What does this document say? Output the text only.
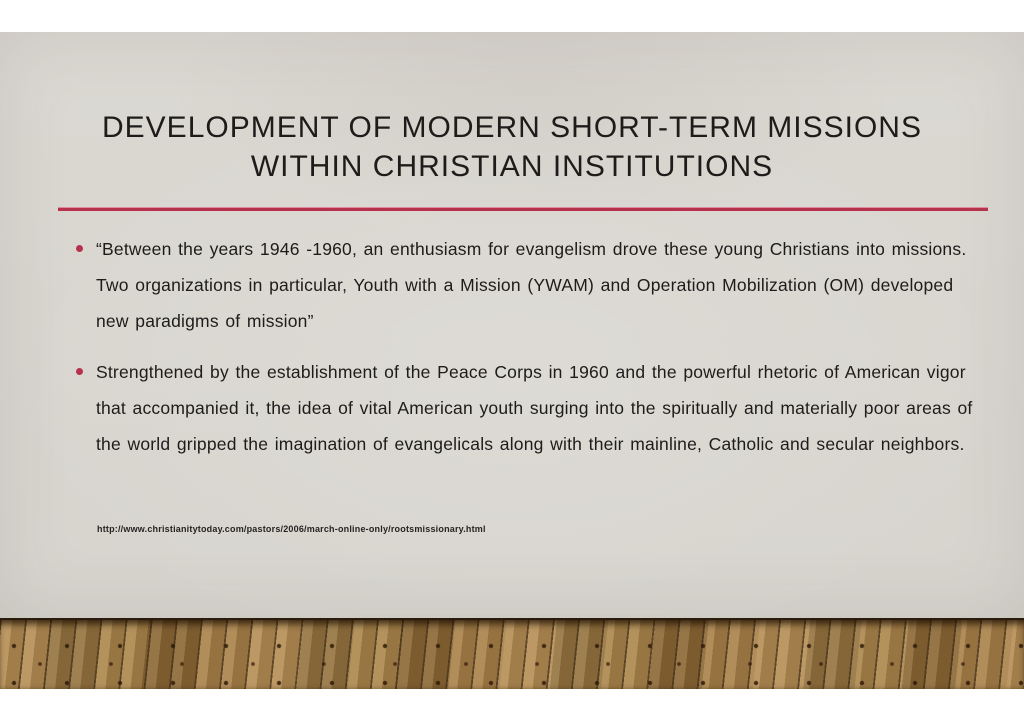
DEVELOPMENT OF MODERN SHORT-TERM MISSIONS
WITHIN CHRISTIAN INSTITUTIONS
“Between the years 1946 -1960, an enthusiasm for evangelism drove these young Christians into missions. Two organizations in particular, Youth with a Mission (YWAM) and Operation Mobilization (OM) developed new paradigms of mission”
Strengthened by the establishment of the Peace Corps in 1960 and the powerful rhetoric of American vigor that accompanied it, the idea of vital American youth surging into the spiritually and materially poor areas of the world gripped the imagination of evangelicals along with their mainline, Catholic and secular neighbors.
http://www.christianitytoday.com/pastors/2006/march-online-only/rootsmissionary.html
